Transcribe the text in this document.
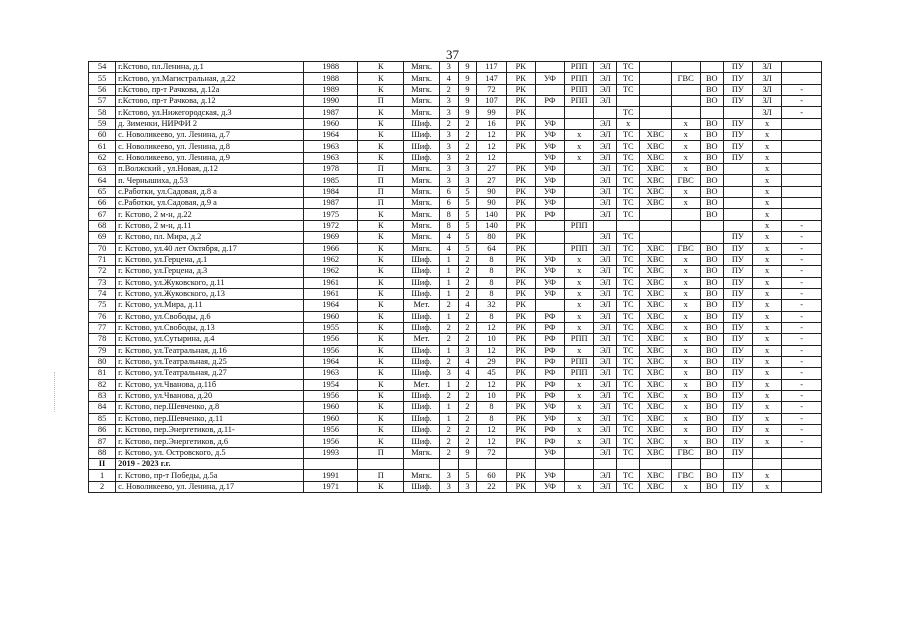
37
54	г.Кстово, пл.Ленина, д.1	1988	К	Мягк.	3	9	117	РК		РПП	ЭЛ	ТС				ПУ	ЗЛ	
55	г.Кстово, ул.Магистральная, д.22	1988	К	Мягк.	4	9	147	РК	УФ	РПП	ЭЛ	ТС		ГВС	ВО	ПУ	ЗЛ	
56	г.Кстово, пр-т Рачкова, д.12а	1989	К	Мягк.	2	9	72	РК		РПП	ЭЛ	ТС			ВО	ПУ	ЗЛ	-
57	г.Кстово, пр-т Рачкова, д.12	1990	П	Мягк.	3	9	107	РК	РФ	РПП	ЭЛ				ВО	ПУ	ЗЛ	-
58	г.Кстово, ул.Нижегородская, д.3	1987	К	Мягк.	3	9	99	РК				ТС					ЗЛ	-
59	д. Зименки, НИРФИ 2	1960	К	Шиф.	2	2	16	РК	УФ		ЭЛ	х		х	ВО	ПУ	х	
60	с. Новоликеево, ул. Ленина, д.7	1964	К	Шиф.	3	2	12	РК	УФ	х	ЭЛ	ТС	ХВС	х	ВО	ПУ	х	
61	с. Новоликеево, ул. Ленина, д.8	1963	К	Шиф.	3	2	12	РК	УФ	х	ЭЛ	ТС	ХВС	х	ВО	ПУ	х	
62	с. Новоликеево, ул. Ленина, д.9	1963	К	Шиф.	3	2	12		УФ	х	ЭЛ	ТС	ХВС	х	ВО	ПУ	х	
63	п.Волжский , ул.Новая, д.12	1978	П	Мягк.	3	3	27	РК	УФ		ЭЛ	ТС	ХВС	х	ВО		х	
64	п. Чернышиха, д.53	1985	П	Мягк.	3	3	27	РК	УФ		ЭЛ	ТС	ХВС	ГВС	ВО		х	
65	с.Работки, ул.Садовая, д.8 а	1984	П	Мягк.	6	5	90	РК	УФ		ЭЛ	ТС	ХВС	х	ВО		х	
66	с.Работки, ул.Садовая, д.9 а	1987	П	Мягк.	6	5	90	РК	УФ		ЭЛ	ТС	ХВС	х	ВО		х	
67	г. Кстово, 2 м-н, д.22	1975	К	Мягк.	8	5	140	РК	РФ		ЭЛ	ТС			ВО		х	
68	г. Кстово, 2 м-н, д.11	1972	К	Мягк.	8	5	140	РК		РПП							х	-
69	г. Кстово, пл. Мира, д.2	1969	К	Мягк.	4	5	80	РК			ЭЛ	ТС				ПУ	х	-
70	г. Кстово, ул.40 лет Октября, д.17	1966	К	Мягк.	4	5	64	РК		РПП	ЭЛ	ТС	ХВС	ГВС	ВО	ПУ	х	-
71	г. Кстово, ул.Герцена, д.1	1962	К	Шиф.	1	2	8	РК	УФ	х	ЭЛ	ТС	ХВС	х	ВО	ПУ	х	-
72	г. Кстово, ул.Герцена, д.3	1962	К	Шиф.	1	2	8	РК	УФ	х	ЭЛ	ТС	ХВС	х	ВО	ПУ	х	-
73	г. Кстово, ул.Жуковского, д.11	1961	К	Шиф.	1	2	8	РК	УФ	х	ЭЛ	ТС	ХВС	х	ВО	ПУ	х	-
74	г. Кстово, ул.Жуковского, д.13	1961	К	Шиф.	1	2	8	РК	УФ	х	ЭЛ	ТС	ХВС	х	ВО	ПУ	х	-
75	г. Кстово, ул.Мира, д.11	1964	К	Мет.	2	4	32	РК		х	ЭЛ	ТС	ХВС	х	ВО	ПУ	х	-
76	г. Кстово, ул.Свободы, д.6	1960	К	Шиф.	1	2	8	РК	РФ	х	ЭЛ	ТС	ХВС	х	ВО	ПУ	х	-
77	г. Кстово, ул.Свободы, д.13	1955	К	Шиф.	2	2	12	РК	РФ	х	ЭЛ	ТС	ХВС	х	ВО	ПУ	х	-
78	г. Кстово, ул.Сутырина, д.4	1956	К	Мет.	2	2	10	РК	РФ	РПП	ЭЛ	ТС	ХВС	х	ВО	ПУ	х	-
79	г. Кстово, ул.Театральная, д.16	1956	К	Шиф.	1	3	12	РК	РФ	х	ЭЛ	ТС	ХВС	х	ВО	ПУ	х	-
80	г. Кстово, ул.Театральная, д.25	1964	К	Шиф.	2	4	29	РК	РФ	РПП	ЭЛ	ТС	ХВС	х	ВО	ПУ	х	-
81	г. Кстово, ул.Театральная, д.27	1963	К	Шиф.	3	4	45	РК	РФ	РПП	ЭЛ	ТС	ХВС	х	ВО	ПУ	х	-
82	г. Кстово, ул.Чванова, д.11б	1954	К	Мет.	1	2	12	РК	РФ	х	ЭЛ	ТС	ХВС	х	ВО	ПУ	х	-
83	г. Кстово, ул.Чванова, д.20	1956	К	Шиф.	2	2	10	РК	РФ	х	ЭЛ	ТС	ХВС	х	ВО	ПУ	х	-
84	г. Кстово, пер.Шевченко, д.8	1960	К	Шиф.	1	2	8	РК	УФ	х	ЭЛ	ТС	ХВС	х	ВО	ПУ	х	-
85	г. Кстово, пер.Шевченко, д.11	1960	К	Шиф.	1	2	8	РК	УФ	х	ЭЛ	ТС	ХВС	х	ВО	ПУ	х	-
86	г. Кстово, пер.Энергетиков, д.11-	1956	К	Шиф.	2	2	12	РК	РФ	х	ЭЛ	ТС	ХВС	х	ВО	ПУ	х	-
87	г. Кстово, пер.Энергетиков, д.6	1956	К	Шиф.	2	2	12	РК	РФ	х	ЭЛ	ТС	ХВС	х	ВО	ПУ	х	-
88	г. Кстово, ул. Островского, д.5	1993	П	Мягк.	2	9	72		УФ		ЭЛ	ТС	ХВС	ГВС	ВО	ПУ		
II	2019 - 2023 г.г.																	
1	г. Кстово, пр-т Победы, д.5а	1991	П	Мягк.	3	5	60	РК	УФ		ЭЛ	ТС	ХВС	ГВС	ВО	ПУ	х	
2	с. Новоликеево, ул. Ленина, д.17	1971	К	Шиф.	3	3	22	РК	УФ	х	ЭЛ	ТС	ХВС	х	ВО	ПУ	х	
